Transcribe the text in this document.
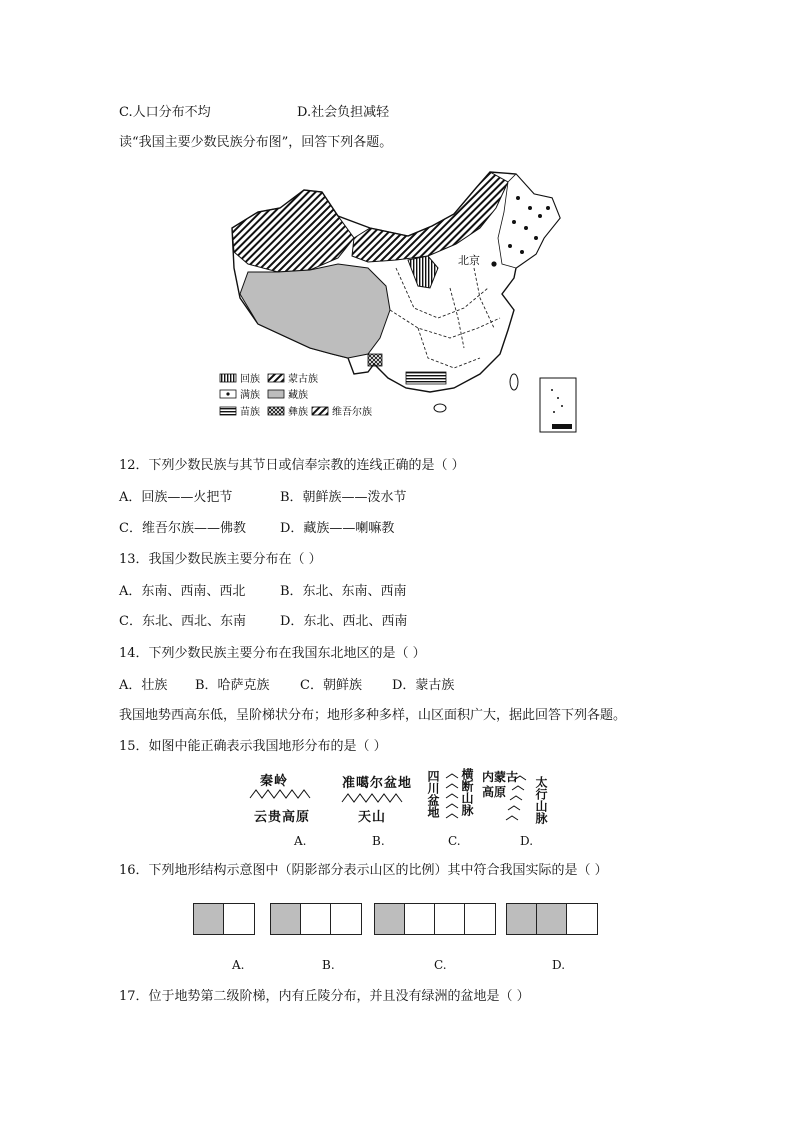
C.人口分布不均	D.社会负担减轻
读“我国主要少数民族分布图”，回答下列各题。
北京
回族	蒙古族
满族	藏族
苗族	彝族 维吾尔族
12．下列少数民族与其节日或信奉宗教的连线正确的是（ ）
A．回族——火把节	B．朝鲜族——泼水节
C．维吾尔族——佛教	D．藏族——喇嘛教
13．我国少数民族主要分布在（ ）
A．东南、西南、西北	B．东北、东南、西南
C．东北、西北、东南	D．东北、西北、西南
14．下列少数民族主要分布在我国东北地区的是（ ）
A．壮族 B．哈萨克族 C．朝鲜族 D．蒙古族
我国地势西高东低，呈阶梯状分布；地形多种多样，山区面积广大，据此回答下列各题。
15．如图中能正确表示我国地形分布的是（ ）
秦岭
云贵高原
准噶尔盆地
天山	四川盆地 横断山脉 内蒙古高原	太行山脉
A.	B.	C.	D.
16．下列地形结构示意图中（阴影部分表示山区的比例）其中符合我国实际的是（ ）
A.	B.	C.	D.
17．位于地势第二级阶梯，内有丘陵分布，并且没有绿洲的盆地是（ ）
